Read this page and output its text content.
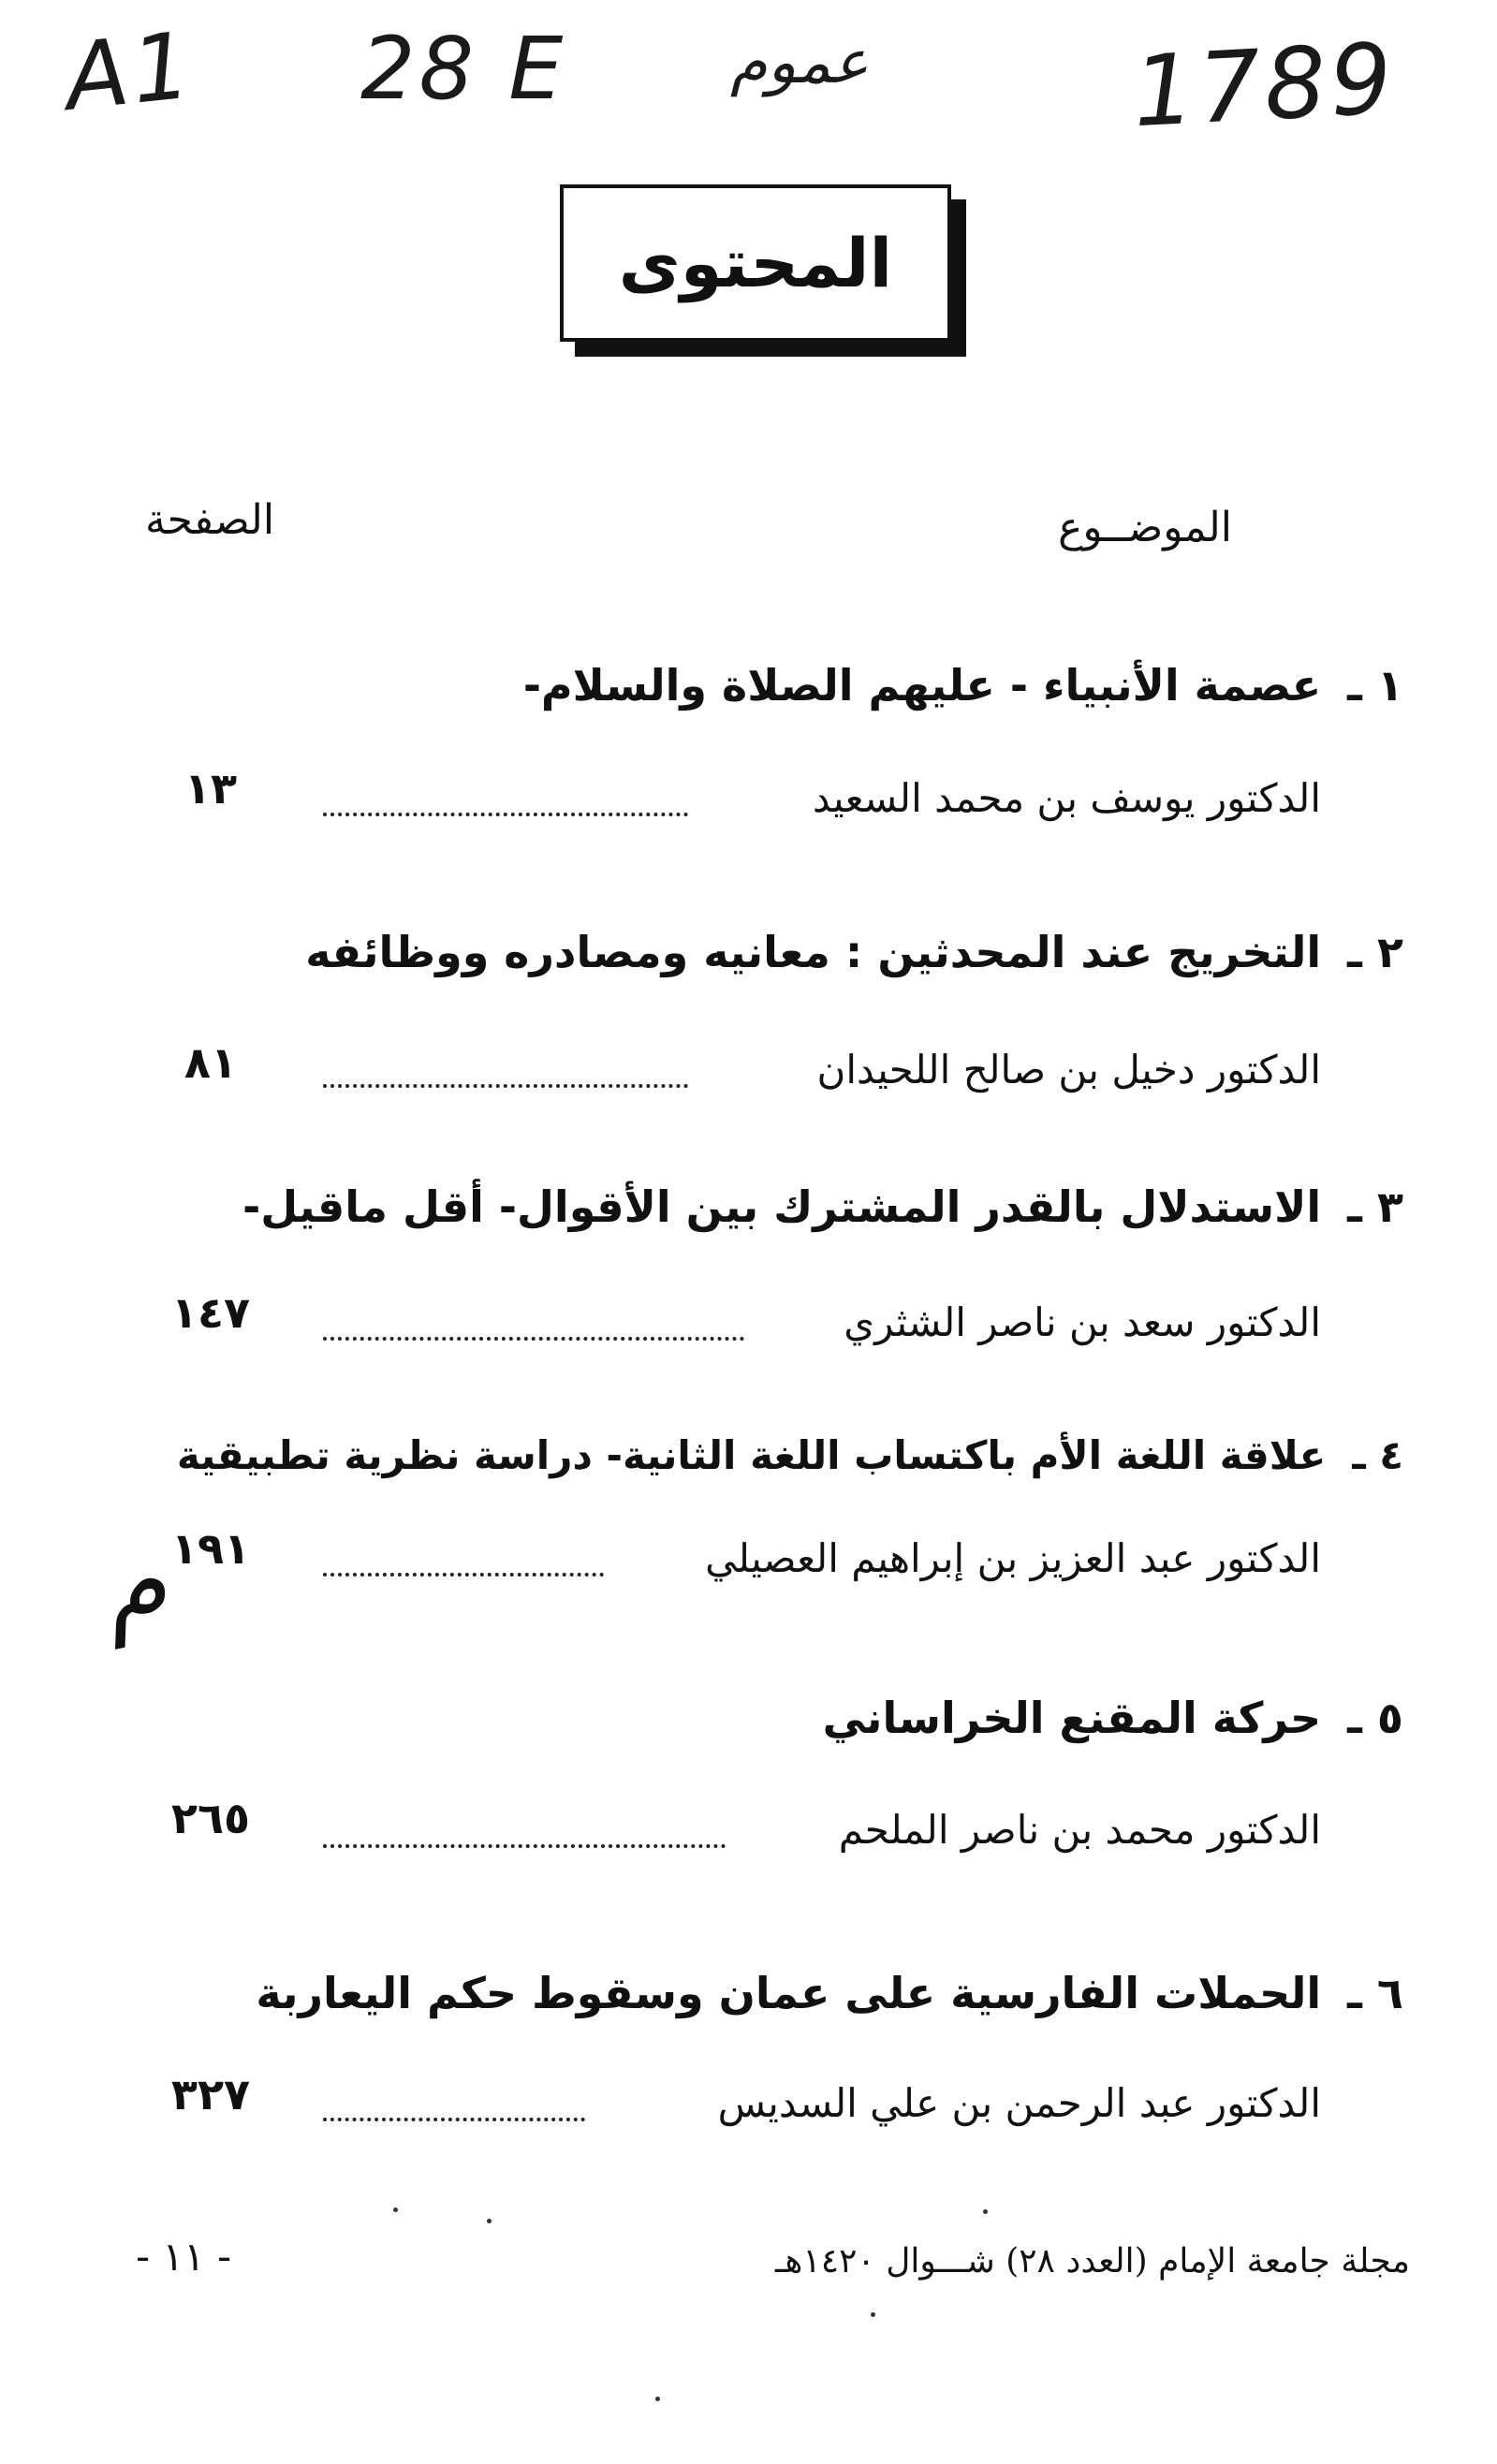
A1 28 E	عموم	1789
المحتوى
الموضــوع
الصفحة
١ ـعصمة الأنبياء - عليهم الصلاة والسلام-
الدكتور يوسف بن محمد السعيد
١٣
٢ ـالتخريج عند المحدثين : معانيه ومصادره ووظائفه
الدكتور دخيل بن صالح اللحيدان
٨١
٣ ـالاستدلال بالقدر المشترك بين الأقوال- أقل ماقيل-
الدكتور سعد بن ناصر الشثري
١٤٧
٤ ـعلاقة اللغة الأم باكتساب اللغة الثانية- دراسة نظرية تطبيقية
الدكتور عبد العزيز بن إبراهيم العصيلي
١٩١
م
٥ ـحركة المقنع الخراساني
الدكتور محمد بن ناصر الملحم
٢٦٥
٦ ـالحملات الفارسية على عمان وسقوط حكم اليعاربة
الدكتور عبد الرحمن بن علي السديس
٣٢٧
مجلة جامعة الإمام (العدد ٢٨) شـــوال ١٤٢٠هـ
- ١١ -
